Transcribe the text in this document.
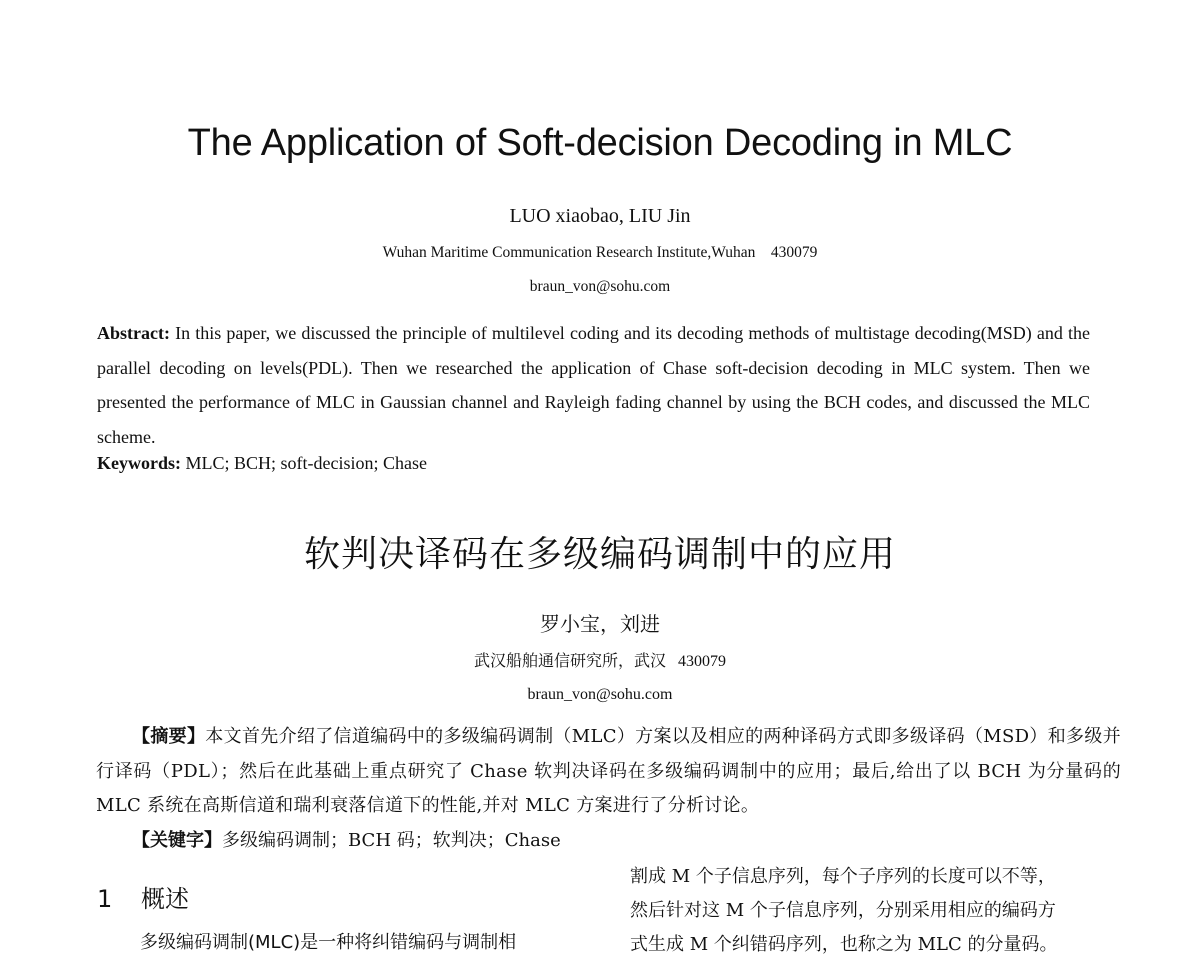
The Application of Soft-decision Decoding in MLC
LUO xiaobao, LIU Jin
Wuhan Maritime Communication Research Institute,Wuhan    430079
braun_von@sohu.com
Abstract: In this paper, we discussed the principle of multilevel coding and its decoding methods of multistage decoding(MSD) and the parallel decoding on levels(PDL). Then we researched the application of Chase soft-decision decoding in MLC system. Then we presented the performance of MLC in Gaussian channel and Rayleigh fading channel by using the BCH codes, and discussed the MLC scheme.
Keywords: MLC; BCH; soft-decision; Chase
软判决译码在多级编码调制中的应用
罗小宝，刘进
武汉船舶通信研究所，武汉   430079
braun_von@sohu.com
【摘要】本文首先介绍了信道编码中的多级编码调制（MLC）方案以及相应的两种译码方式即多级译码（MSD）和多级并行译码（PDL）；然后在此基础上重点研究了 Chase 软判决译码在多级编码调制中的应用；最后,给出了以 BCH 为分量码的 MLC 系统在高斯信道和瑞利衰落信道下的性能,并对 MLC 方案进行了分析讨论。
【关键字】多级编码调制；BCH 码；软判决；Chase
1 概述
多级编码调制(MLC)是一种将纠错编码与调制相
割成 M 个子信息序列，每个子序列的长度可以不等，
然后针对这 M 个子信息序列，分别采用相应的编码方
式生成 M 个纠错码序列，也称之为 MLC 的分量码。
